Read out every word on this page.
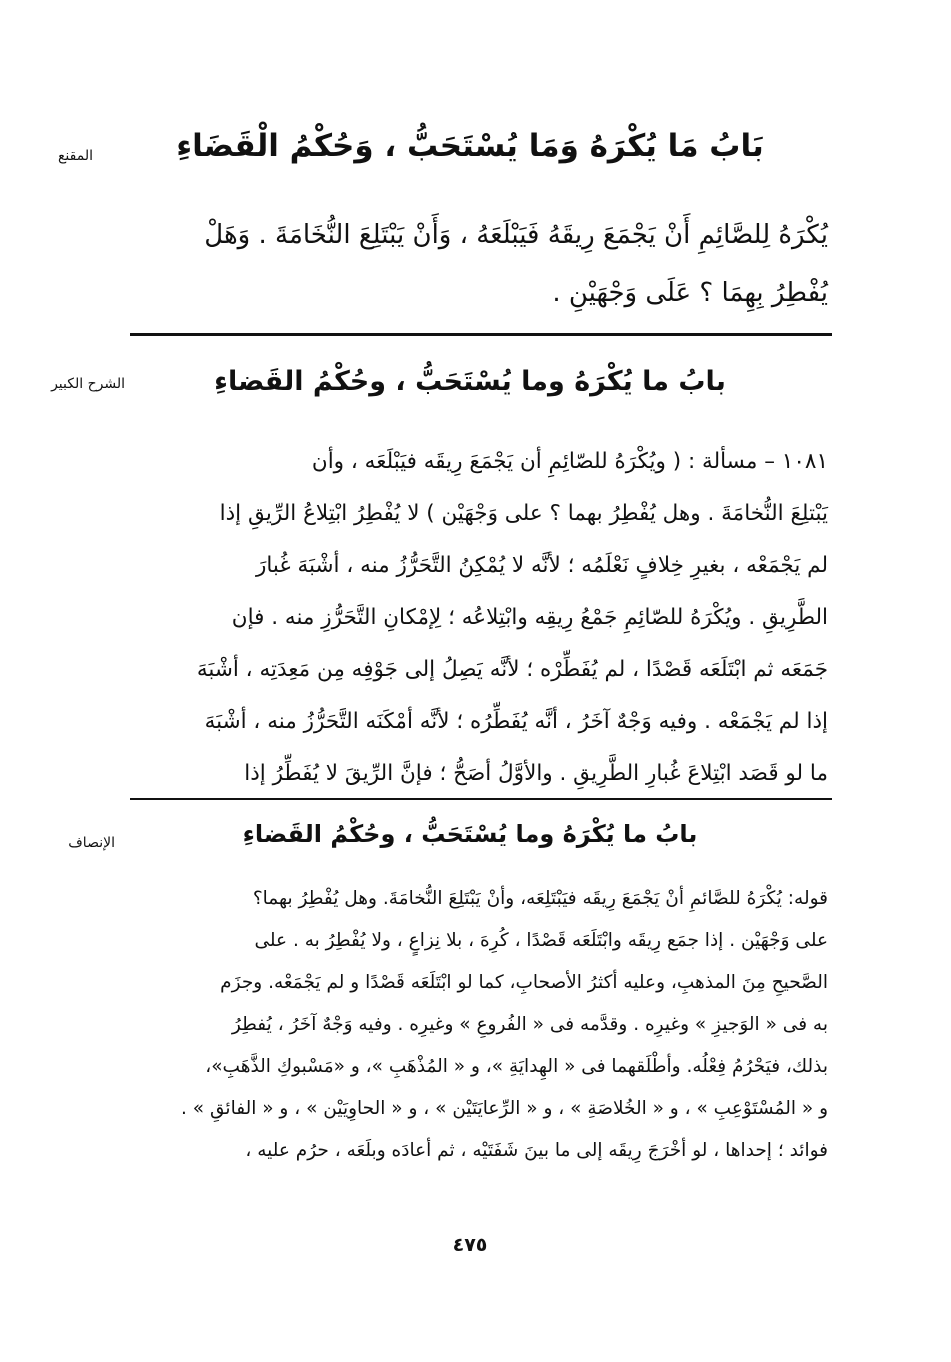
المقنع	بَابُ مَا يُكْرَهُ وَمَا يُسْتَحَبُّ ، وَحُكْمُ الْقَضَاءِ
يُكْرَهُ لِلصَّائِمِ أَنْ يَجْمَعَ رِيقَهُ فَيَبْلَعَهُ ، وَأَنْ يَبْتَلِعَ النُّخَامَةَ . وَهَلْ
يُفْطِرُ بِهِمَا ؟ عَلَى وَجْهَيْنِ .
الشرح الكبير	بابُ ما يُكْرَهُ وما يُسْتَحَبُّ ، وحُكْمُ القَضاءِ
١٠٨١ – مسألة : ( ويُكْرَهُ للصّائِمِ أن يَجْمَعَ رِيقَه فيَبْلَعَه ، وأن
يَبْتلِعَ النُّخامَةَ . وهل يُفْطِرُ بهما ؟ على وَجْهَيْن ) لا يُفْطِرُ ابْتِلاعُ الرِّيقِ إذا
لم يَجْمَعْه ، بغيرِ خِلافٍ نَعْلَمُه ؛ لأنَّه لا يُمْكِنُ التَّحَرُّزُ منه ، أشْبَهَ غُبارَ
الطَّرِيقِ . ويُكْرَهُ للصّائِمِ جَمْعُ رِيقِه وابْتِلاعُه ؛ لِإمْكانِ التَّحَرُّزِ منه . فإن
جَمَعَه ثم ابْتَلَعَه قَصْدًا ، لم يُفَطِّرْه ؛ لأنَّه يَصِلُ إلى جَوْفِه مِن مَعِدَتِه ، أشْبَهَ
إذا لم يَجْمَعْه . وفيه وَجْهٌ آخَرُ ، أنَّه يُفَطِّرُه ؛ لأنَّه أمْكَنَه التَّحَرُّزُ منه ، أشْبَهَ
ما لو قَصَد ابْتِلاعَ غُبارِ الطَّرِيقِ . والأوَّلُ أصَحُّ ؛ فإنَّ الرِّيقَ لا يُفَطِّرُ إذا
الإنصاف	بابُ ما يُكْرَهُ وما يُسْتَحَبُّ ، وحُكْمُ القَضاءِ
قوله: يُكْرَهُ للصَّائمِ أنْ يَجْمَعَ رِيقَه فيَبْتَلِعَه، وأنْ يَبْتَلِعَ النُّخامَةَ. وهل يُفْطِرُ بهما؟
على وَجْهَيْن . إذا جمَع رِيقَه وابْتَلَعَه قَصْدًا ، كُرِهَ ، بلا نِزاعٍ ، ولا يُفْطِرُ به . على
الصَّحيحِ مِنَ المذهبِ، وعليه أكثرُ الأصحابِ، كما لو ابْتَلَعَه قَصْدًا و لم يَجْمَعْه. وجزَم
به فى « الوَجيزِ » وغيرِه . وقدَّمه فى « الفُروعِ » وغيرِه . وفيه وَجْهٌ آخَرُ ، يُفطِرُ
بذلك، فيَحْرُمُ فِعْلُه. وأطْلَقهما فى « الهِدايَةِ »، و « المُذْهَبِ »، و «مَسْبوكِ الذَّهَبِ»،
و « المُسْتَوْعِبِ » ، و « الخُلاصَةِ » ، و « الرِّعايَتَيْن » ، و « الحاوِيَيْن » ، و « الفائقِ » .
فوائد ؛ إحداها ، لو أخْرَجَ رِيقَه إلى ما بينَ شَفَتَيْه ، ثم أعادَه وبلَعَه ، حرُم عليه ،
٤٧٥
